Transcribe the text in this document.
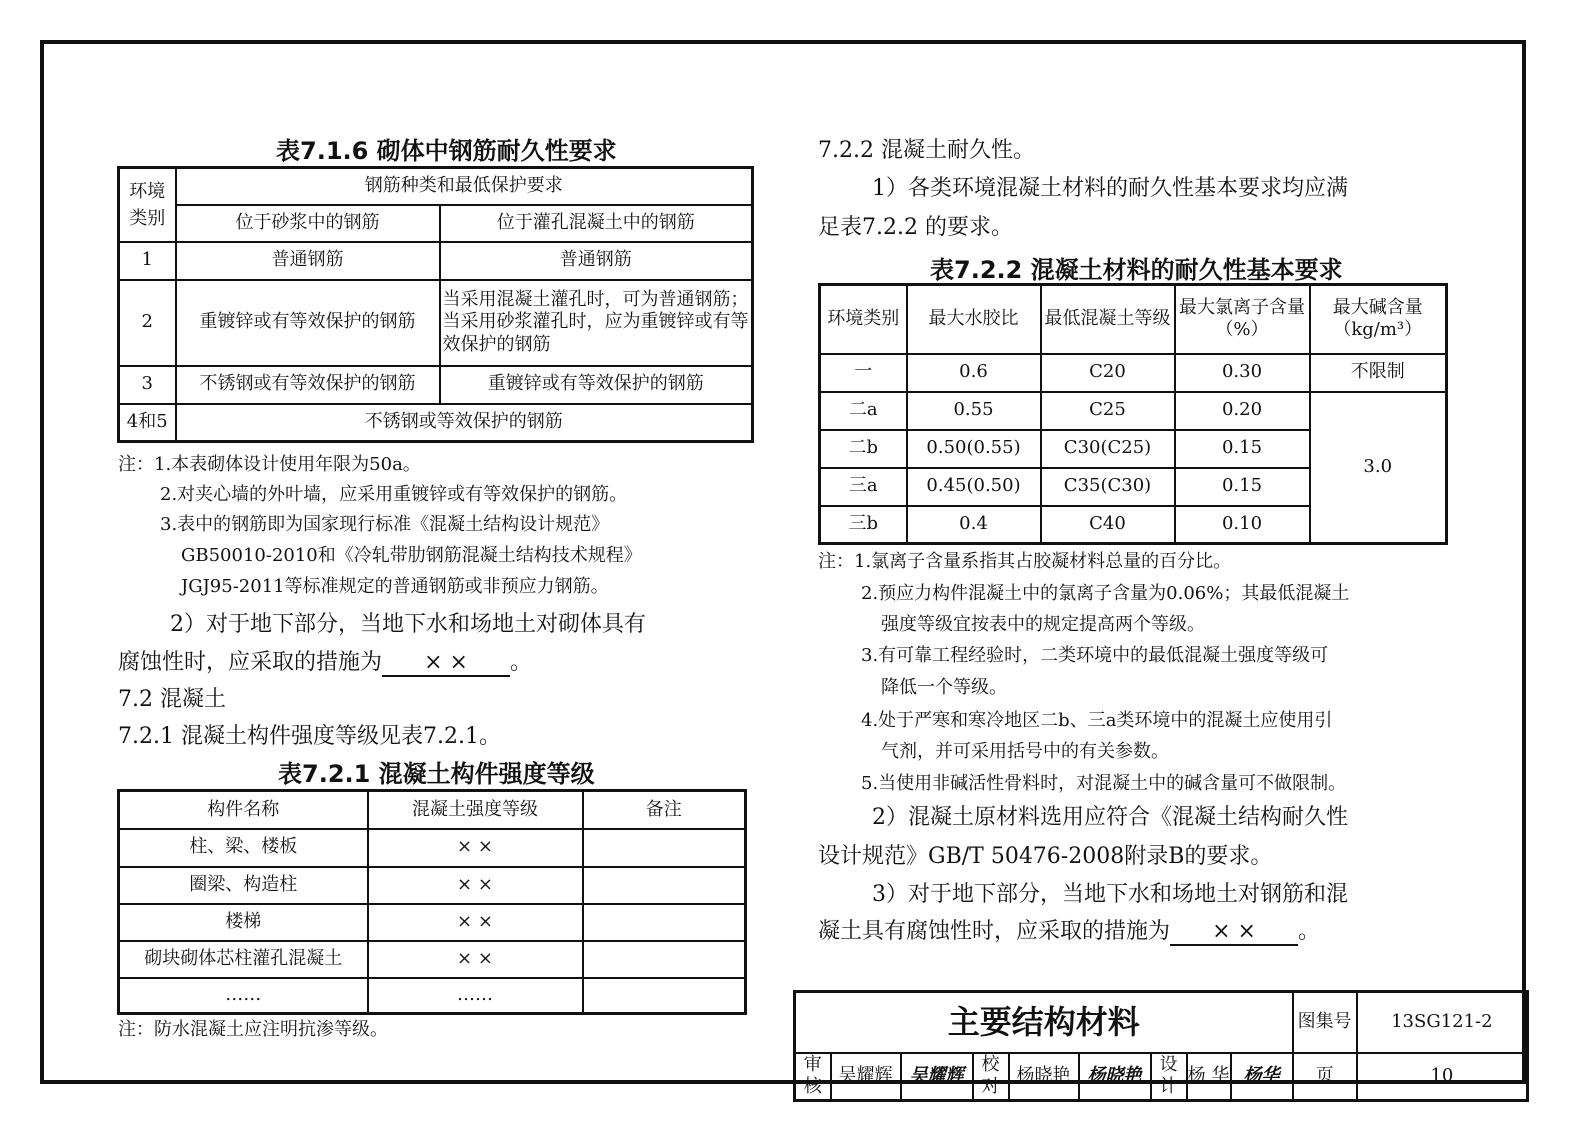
表7.1.6 砌体中钢筋耐久性要求
环境类别	钢筋种类和最低保护要求	
	位于砂浆中的钢筋	位于灌孔混凝土中的钢筋
1	普通钢筋	普通钢筋
2	重镀锌或有等效保护的钢筋	当采用混凝土灌孔时，可为普通钢筋；当采用砂浆灌孔时，应为重镀锌或有等效保护的钢筋
3	不锈钢或有等效保护的钢筋	重镀锌或有等效保护的钢筋
4和5	不锈钢或等效保护的钢筋	
注：1.本表砌体设计使用年限为50a。
2.对夹心墙的外叶墙，应采用重镀锌或有等效保护的钢筋。
3.表中的钢筋即为国家现行标准《混凝土结构设计规范》
GB50010-2010和《冷轧带肋钢筋混凝土结构技术规程》
JGJ95-2011等标准规定的普通钢筋或非预应力钢筋。
2）对于地下部分，当地下水和场地土对砌体具有
腐蚀性时，应采取的措施为 × × 。
7.2 混凝土
7.2.1 混凝土构件强度等级见表7.2.1。
表7.2.1 混凝土构件强度等级
构件名称	混凝土强度等级	备注
柱、梁、楼板	× ×	
圈梁、构造柱	× ×	
楼梯	× ×	
砌块砌体芯柱灌孔混凝土	× ×	
……	……	
注：防水混凝土应注明抗渗等级。
7.2.2 混凝土耐久性。
1）各类环境混凝土材料的耐久性基本要求均应满
足表7.2.2 的要求。
表7.2.2 混凝土材料的耐久性基本要求
环境类别	最大水胶比	最低混凝土等级	最大氯离子含量（%）	最大碱含量（kg/m³）
一	0.6	C20	0.30	不限制
二a	0.55	C25	0.20	3.0
二b	0.50(0.55)	C30(C25)	0.15	
三a	0.45(0.50)	C35(C30)	0.15	
三b	0.4	C40	0.10	
注：1.氯离子含量系指其占胶凝材料总量的百分比。
2.预应力构件混凝土中的氯离子含量为0.06%；其最低混凝土
强度等级宜按表中的规定提高两个等级。
3.有可靠工程经验时，二类环境中的最低混凝土强度等级可
降低一个等级。
4.处于严寒和寒冷地区二b、三a类环境中的混凝土应使用引
气剂，并可采用括号中的有关参数。
5.当使用非碱活性骨料时，对混凝土中的碱含量可不做限制。
2）混凝土原材料选用应符合《混凝土结构耐久性
设计规范》GB/T 50476-2008附录B的要求。
3）对于地下部分，当地下水和场地土对钢筋和混
凝土具有腐蚀性时，应采取的措施为 × × 。
主要结构材料									图集号	13SG121-2
审核	吴耀辉	吴耀辉	校对	杨晓艳	杨晓艳	设计	杨 华	杨华	页	10
